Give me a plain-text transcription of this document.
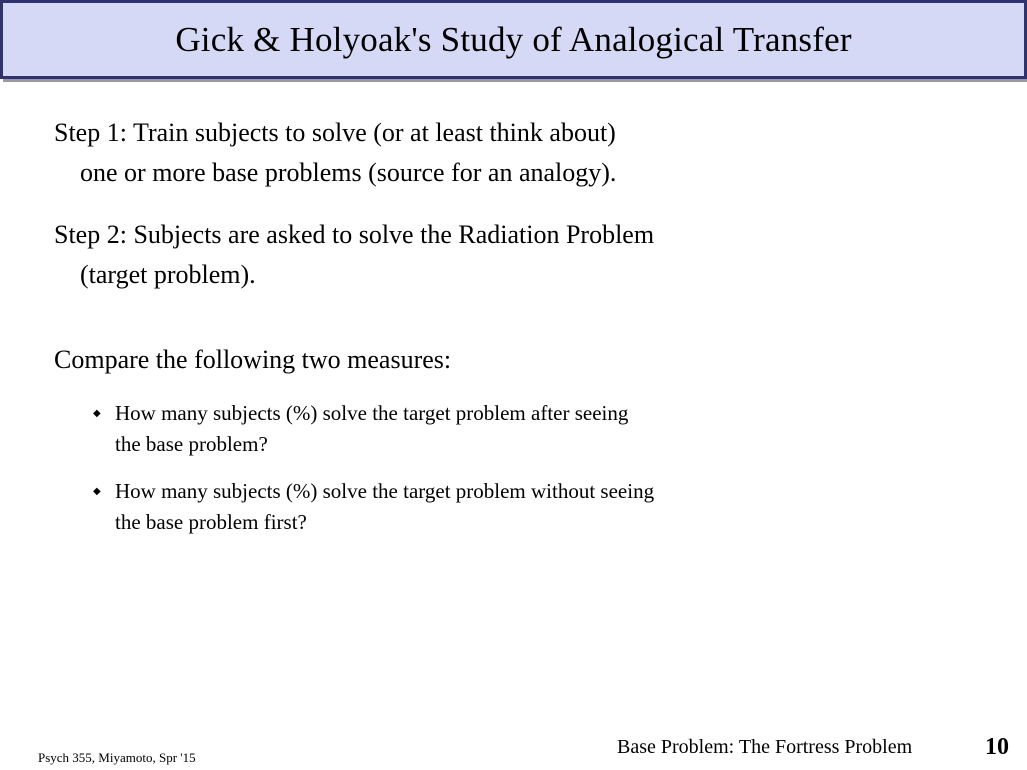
Gick & Holyoak's Study of Analogical Transfer
Step 1: Train subjects to solve (or at least think about)
one or more base problems (source for an analogy).
Step 2: Subjects are asked to solve the Radiation Problem
(target problem).
Compare the following two measures:
◆ How many subjects (%) solve the target problem after seeing
the base problem?
◆ How many subjects (%) solve the target problem without seeing
the base problem first?
Psych 355, Miyamoto, Spr '15	Base Problem: The Fortress Problem	10
